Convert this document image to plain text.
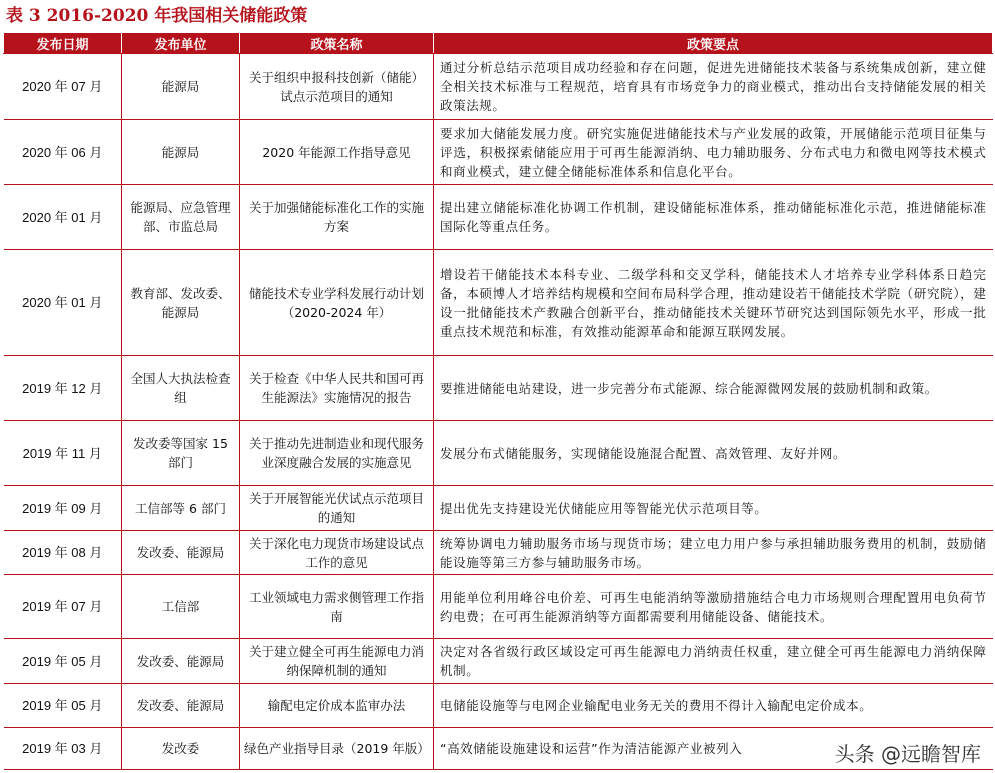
表 3 2016-2020 年我国相关储能政策
发布日期	发布单位	政策名称	政策要点
2020 年 07 月	能源局	关于组织申报科技创新（储能）试点示范项目的通知	通过分析总结示范项目成功经验和存在问题，促进先进储能技术装备与系统集成创新，建立健全相关技术标准与工程规范，培育具有市场竞争力的商业模式，推动出台支持储能发展的相关政策法规。
2020 年 06 月	能源局	2020 年能源工作指导意见	要求加大储能发展力度。研究实施促进储能技术与产业发展的政策，开展储能示范项目征集与评选，积极探索储能应用于可再生能源消纳、电力辅助服务、分布式电力和微电网等技术模式和商业模式，建立健全储能标准体系和信息化平台。
2020 年 01 月	能源局、应急管理部、市监总局	关于加强储能标准化工作的实施方案	提出建立储能标准化协调工作机制，建设储能标准体系，推动储能标准化示范，推进储能标准国际化等重点任务。
2020 年 01 月	教育部、发改委、能源局	储能技术专业学科发展行动计划（2020-2024 年）	增设若干储能技术本科专业、二级学科和交叉学科，储能技术人才培养专业学科体系日趋完备，本硕博人才培养结构规模和空间布局科学合理，推动建设若干储能技术学院（研究院），建设一批储能技术产教融合创新平台，推动储能技术关键环节研究达到国际领先水平，形成一批重点技术规范和标准，有效推动能源革命和能源互联网发展。
2019 年 12 月	全国人大执法检查组	关于检查《中华人民共和国可再生能源法》实施情况的报告	要推进储能电站建设，进一步完善分布式能源、综合能源微网发展的鼓励机制和政策。
2019 年 11 月	发改委等国家 15 部门	关于推动先进制造业和现代服务业深度融合发展的实施意见	发展分布式储能服务，实现储能设施混合配置、高效管理、友好并网。
2019 年 09 月	工信部等 6 部门	关于开展智能光伏试点示范项目的通知	提出优先支持建设光伏储能应用等智能光伏示范项目等。
2019 年 08 月	发改委、能源局	关于深化电力现货市场建设试点工作的意见	统筹协调电力辅助服务市场与现货市场；建立电力用户参与承担辅助服务费用的机制，鼓励储能设施等第三方参与辅助服务市场。
2019 年 07 月	工信部	工业领域电力需求侧管理工作指南	用能单位利用峰谷电价差、可再生电能消纳等激励措施结合电力市场规则合理配置用电负荷节约电费；在可再生能源消纳等方面都需要利用储能设备、储能技术。
2019 年 05 月	发改委、能源局	关于建立健全可再生能源电力消纳保障机制的通知	决定对各省级行政区域设定可再生能源电力消纳责任权重，建立健全可再生能源电力消纳保障机制。
2019 年 05 月	发改委、能源局	输配电定价成本监审办法	电储能设施等与电网企业输配电业务无关的费用不得计入输配电定价成本。
2019 年 03 月	发改委	绿色产业指导目录（2019 年版）	“高效储能设施建设和运营”作为清洁能源产业被列入	头条 @远瞻智库
